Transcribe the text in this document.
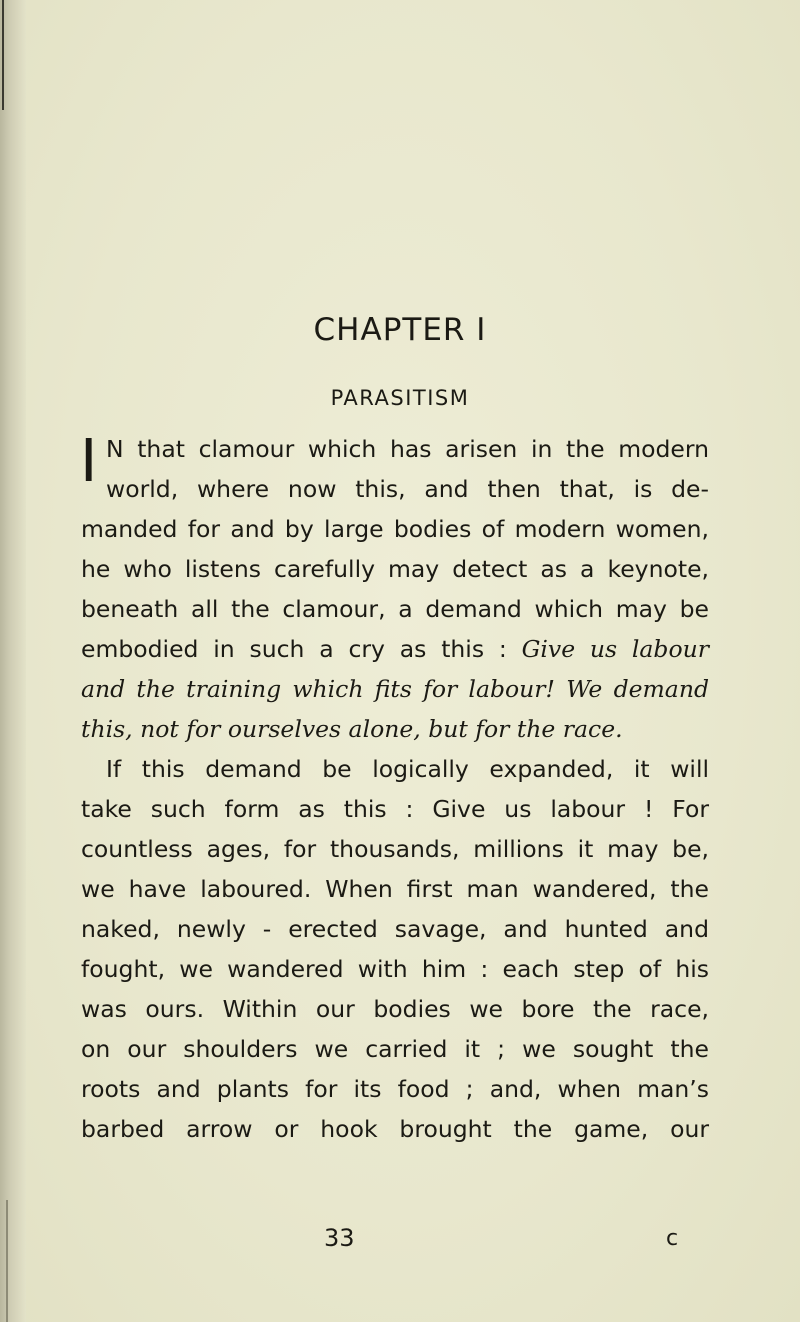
CHAPTER I
PARASITISM
I N that clamour which has arisen in the modern
world, where now this, and then that, is de-
manded for and by large bodies of modern women,
he who listens carefully may detect as a keynote,
beneath all the clamour, a demand which may be
embodied in such a cry as this : Give us labour
and the training which fits for labour! We demand
this, not for ourselves alone, but for the race.
If this demand be logically expanded, it will
take such form as this : Give us labour ! For
countless ages, for thousands, millions it may be,
we have laboured. When first man wandered, the
naked, newly - erected savage, and hunted and
fought, we wandered with him : each step of his
was ours. Within our bodies we bore the race,
on our shoulders we carried it ; we sought the
roots and plants for its food ; and, when man’s
barbed arrow or hook brought the game, our
33	c
